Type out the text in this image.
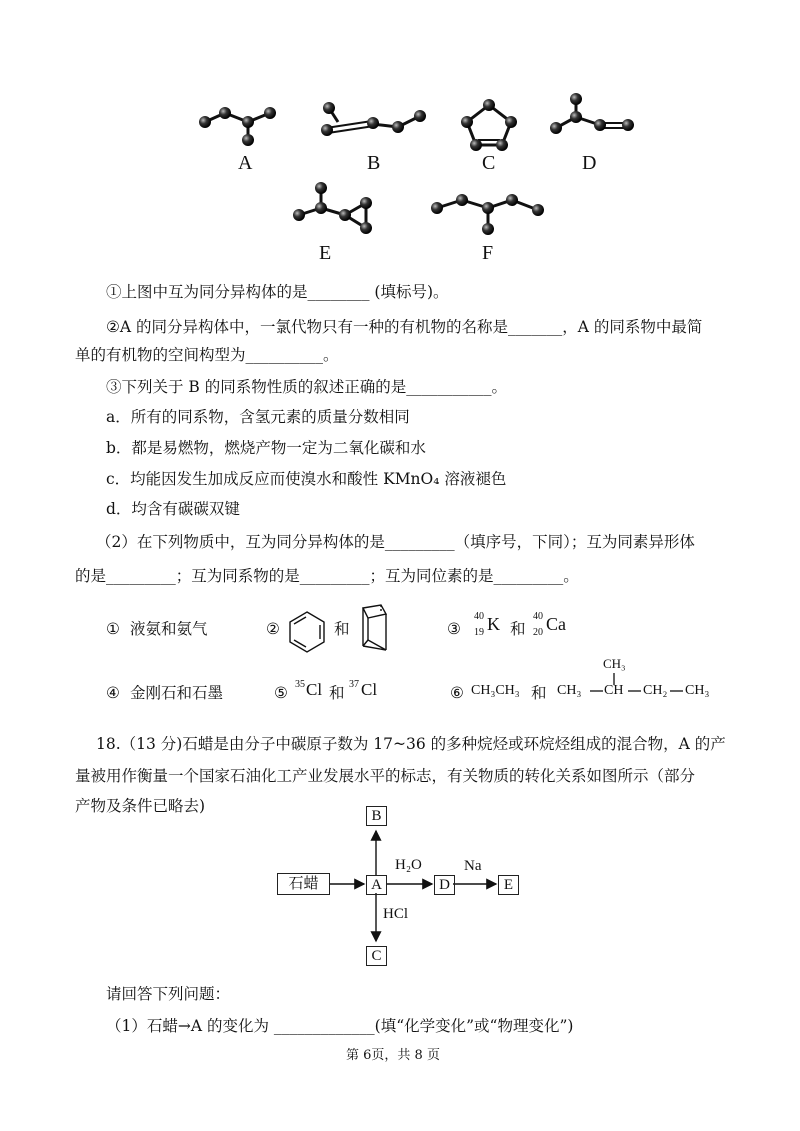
A	B	C	D
E	F
①上图中互为同分异构体的是________ (填标号)。
②A 的同分异构体中，一氯代物只有一种的有机物的名称是_______，A 的同系物中最简
单的有机物的空间构型为__________。
③下列关于 B 的同系物性质的叙述正确的是___________。
a．所有的同系物，含氢元素的质量分数相同
b．都是易燃物，燃烧产物一定为二氧化碳和水
c．均能因发生加成反应而使溴水和酸性 KMnO₄ 溶液褪色
d．均含有碳碳双键
（2）在下列物质中，互为同分异构体的是_________（填序号，下同）；互为同素异形体
的是_________；互为同系物的是_________；互为同位素的是_________。
① 液氨和氨气	②	和	③
40
19 K 和
40
20 Ca
④ 金刚石和石墨	⑤ 35 Cl 和 37 Cl	⑥ CH₃CH₃ 和
CH₃
CH₃ CH CH₂ CH₃
18.（13 分)石蜡是由分子中碳原子数为 17~36 的多种烷烃或环烷烃组成的混合物，A 的产
量被用作衡量一个国家石油化工产业发展水平的标志，有关物质的转化关系如图所示（部分
产物及条件已略去)
石蜡	A
B
C
D	E
H₂O	Na
HCl
请回答下列问题：
（1）石蜡→A 的变化为 _____________(填“化学变化”或“物理变化”)
第 6页，共 8 页
